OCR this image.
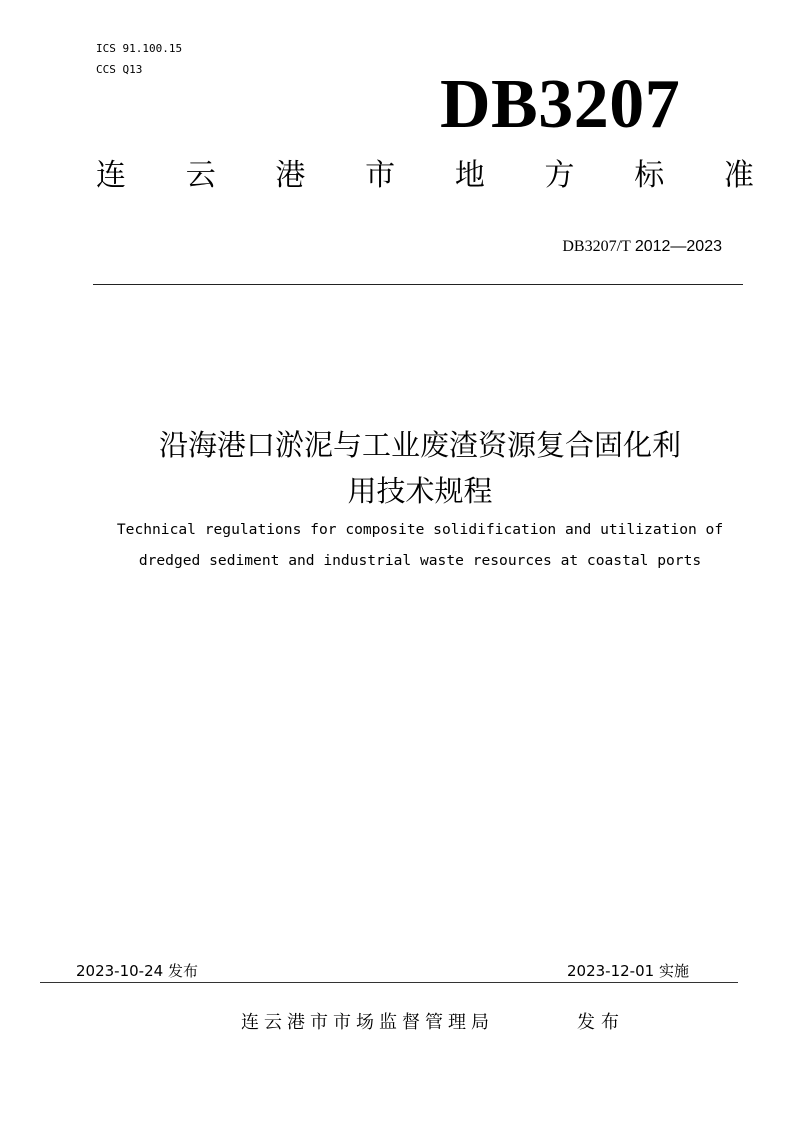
ICS 91.100.15
CCS Q13	DB3207
连 云 港 市 地 方 标 准
DB3207/T 2012—2023
沿海港口淤泥与工业废渣资源复合固化利
用技术规程
Technical regulations for composite solidification and utilization of
dredged sediment and industrial waste resources at coastal ports
2023-10-24 发布	2023-12-01 实施
连云港市市场监督管理局	发布
